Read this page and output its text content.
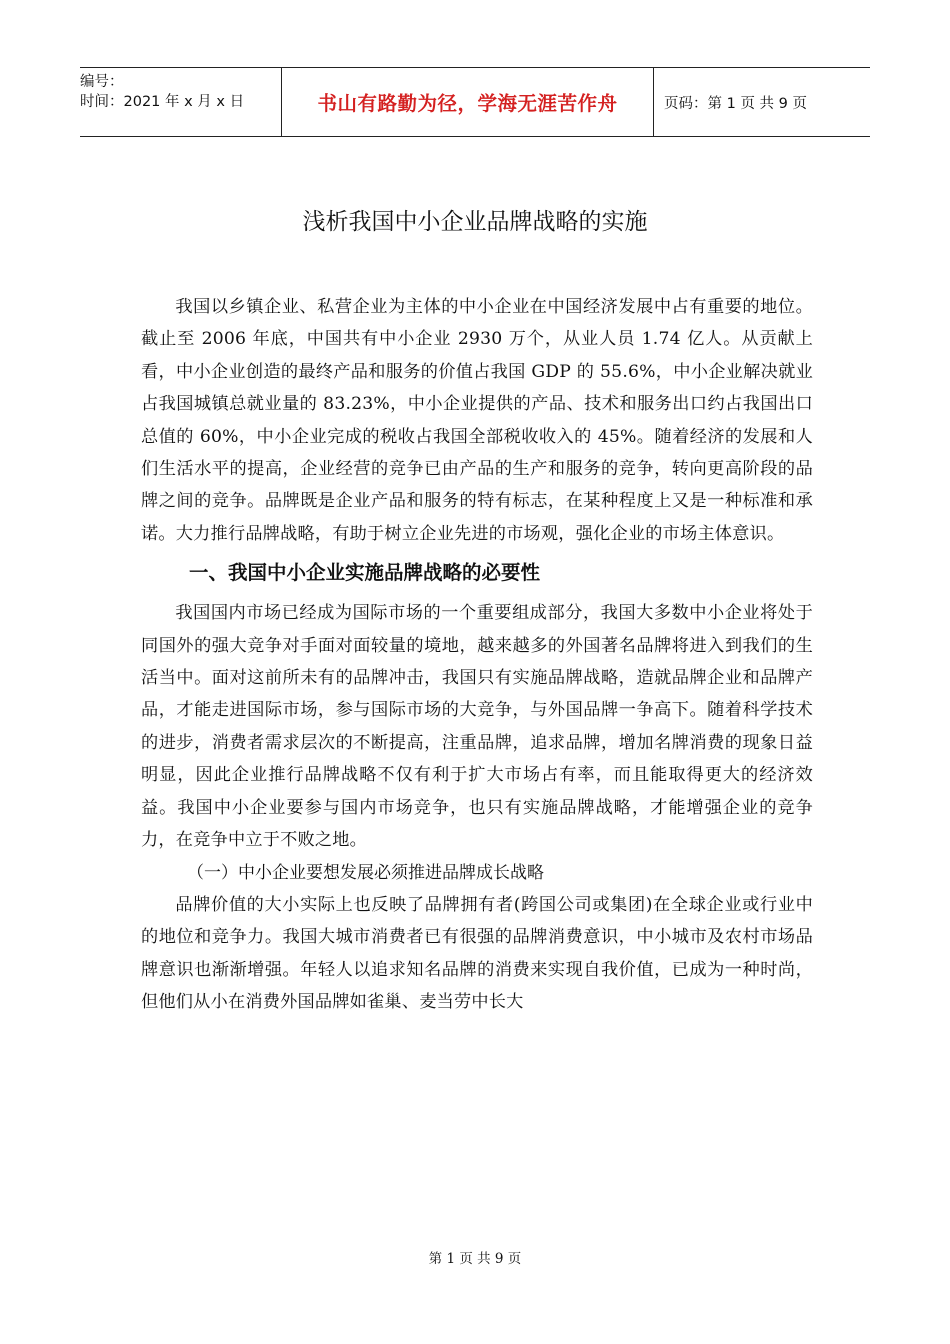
编号：
时间：2021 年 x 月 x 日	书山有路勤为径，学海无涯苦作舟	页码：第 1 页 共 9 页
浅析我国中小企业品牌战略的实施

我国以乡镇企业、私营企业为主体的中小企业在中国经济发展中占有重要的地位。截止至 2006 年底，中国共有中小企业 2930 万个，从业人员 1.74 亿人。从贡献上看，中小企业创造的最终产品和服务的价值占我国 GDP 的 55.6%，中小企业解决就业占我国城镇总就业量的 83.23%，中小企业提供的产品、技术和服务出口约占我国出口总值的 60%，中小企业完成的税收占我国全部税收收入的 45%。随着经济的发展和人们生活水平的提高，企业经营的竞争已由产品的生产和服务的竞争，转向更高阶段的品牌之间的竞争。品牌既是企业产品和服务的特有标志，在某种程度上又是一种标准和承诺。大力推行品牌战略，有助于树立企业先进的市场观，强化企业的市场主体意识。

一、我国中小企业实施品牌战略的必要性

我国国内市场已经成为国际市场的一个重要组成部分，我国大多数中小企业将处于同国外的强大竞争对手面对面较量的境地，越来越多的外国著名品牌将进入到我们的生活当中。面对这前所未有的品牌冲击，我国只有实施品牌战略，造就品牌企业和品牌产品，才能走进国际市场，参与国际市场的大竞争，与外国品牌一争高下。随着科学技术的进步，消费者需求层次的不断提高，注重品牌，追求品牌，增加名牌消费的现象日益明显，因此企业推行品牌战略不仅有利于扩大市场占有率，而且能取得更大的经济效益。我国中小企业要参与国内市场竞争，也只有实施品牌战略，才能增强企业的竞争力，在竞争中立于不败之地。

（一）中小企业要想发展必须推进品牌成长战略

品牌价值的大小实际上也反映了品牌拥有者(跨国公司或集团)在全球企业或行业中的地位和竞争力。我国大城市消费者已有很强的品牌消费意识，中小城市及农村市场品牌意识也渐渐增强。年轻人以追求知名品牌的消费来实现自我价值，已成为一种时尚，但他们从小在消费外国品牌如雀巢、麦当劳中长大

第 1 页 共 9 页
